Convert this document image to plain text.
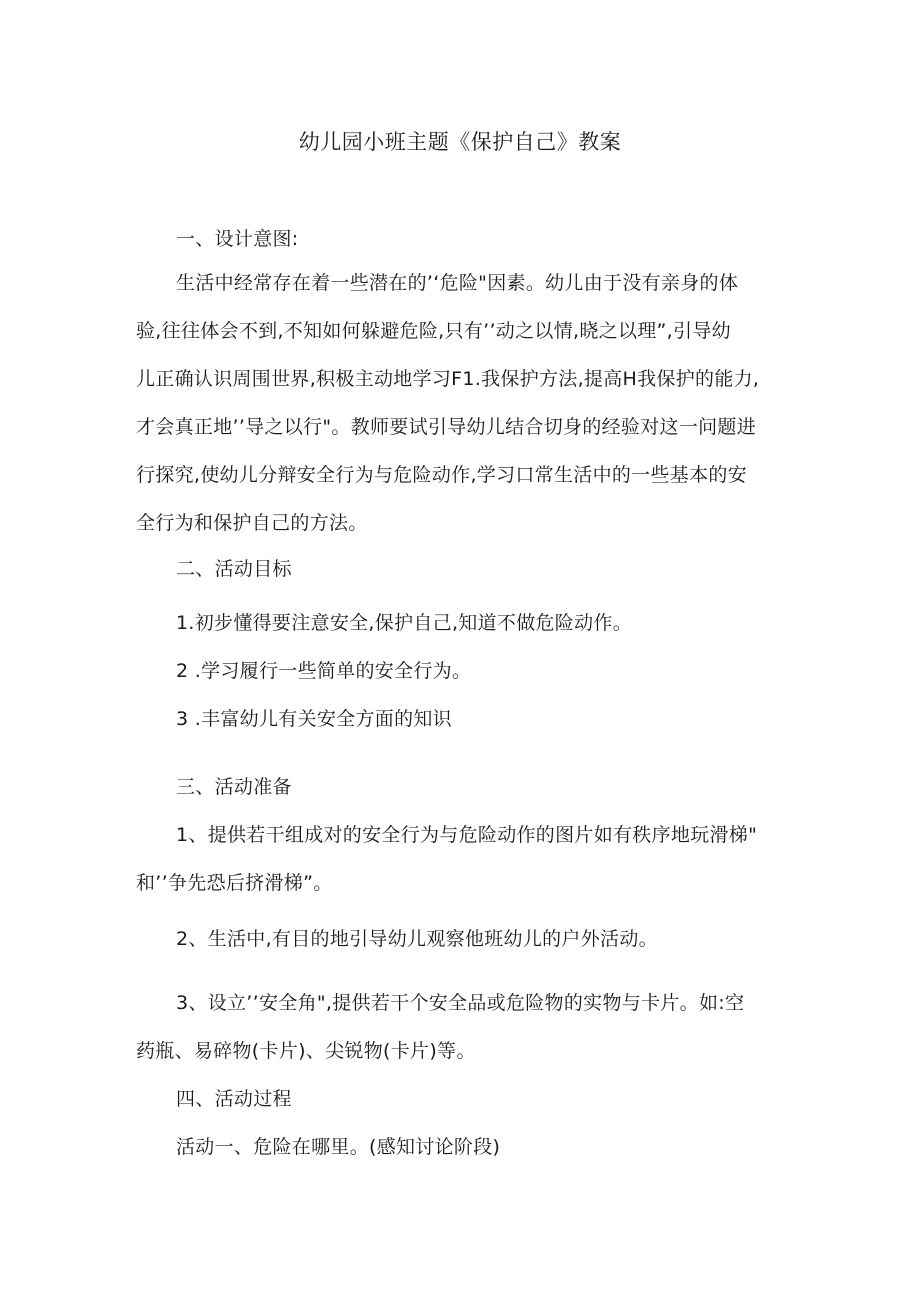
幼儿园小班主题《保护自己》教案
一、设计意图:
生活中经常存在着一些潜在的’‘危险"因素。幼儿由于没有亲身的体
验,往往体会不到,不知如何躲避危险,只有’’动之以情,晓之以理”,引导幼
儿正确认识周围世界,积极主动地学习F1.我保护方法,提高H我保护的能力,
才会真正地’’导之以行"。教师要试引导幼儿结合切身的经验对这一问题进
行探究,使幼儿分辩安全行为与危险动作,学习口常生活中的一些基本的安
全行为和保护自己的方法。
二、活动目标
1.初步懂得要注意安全,保护自己,知道不做危险动作。
2 .学习履行一些简单的安全行为。
3 .丰富幼儿有关安全方面的知识
三、活动准备
1、提供若干组成对的安全行为与危险动作的图片如有秩序地玩滑梯"
和’’争先恐后挤滑梯”。
2、生活中,有目的地引导幼儿观察他班幼儿的户外活动。
3、设立’’安全角",提供若干个安全品或危险物的实物与卡片。如:空
药瓶、易碎物(卡片)、尖锐物(卡片)等。
四、活动过程
活动一、危险在哪里。(感知讨论阶段)
